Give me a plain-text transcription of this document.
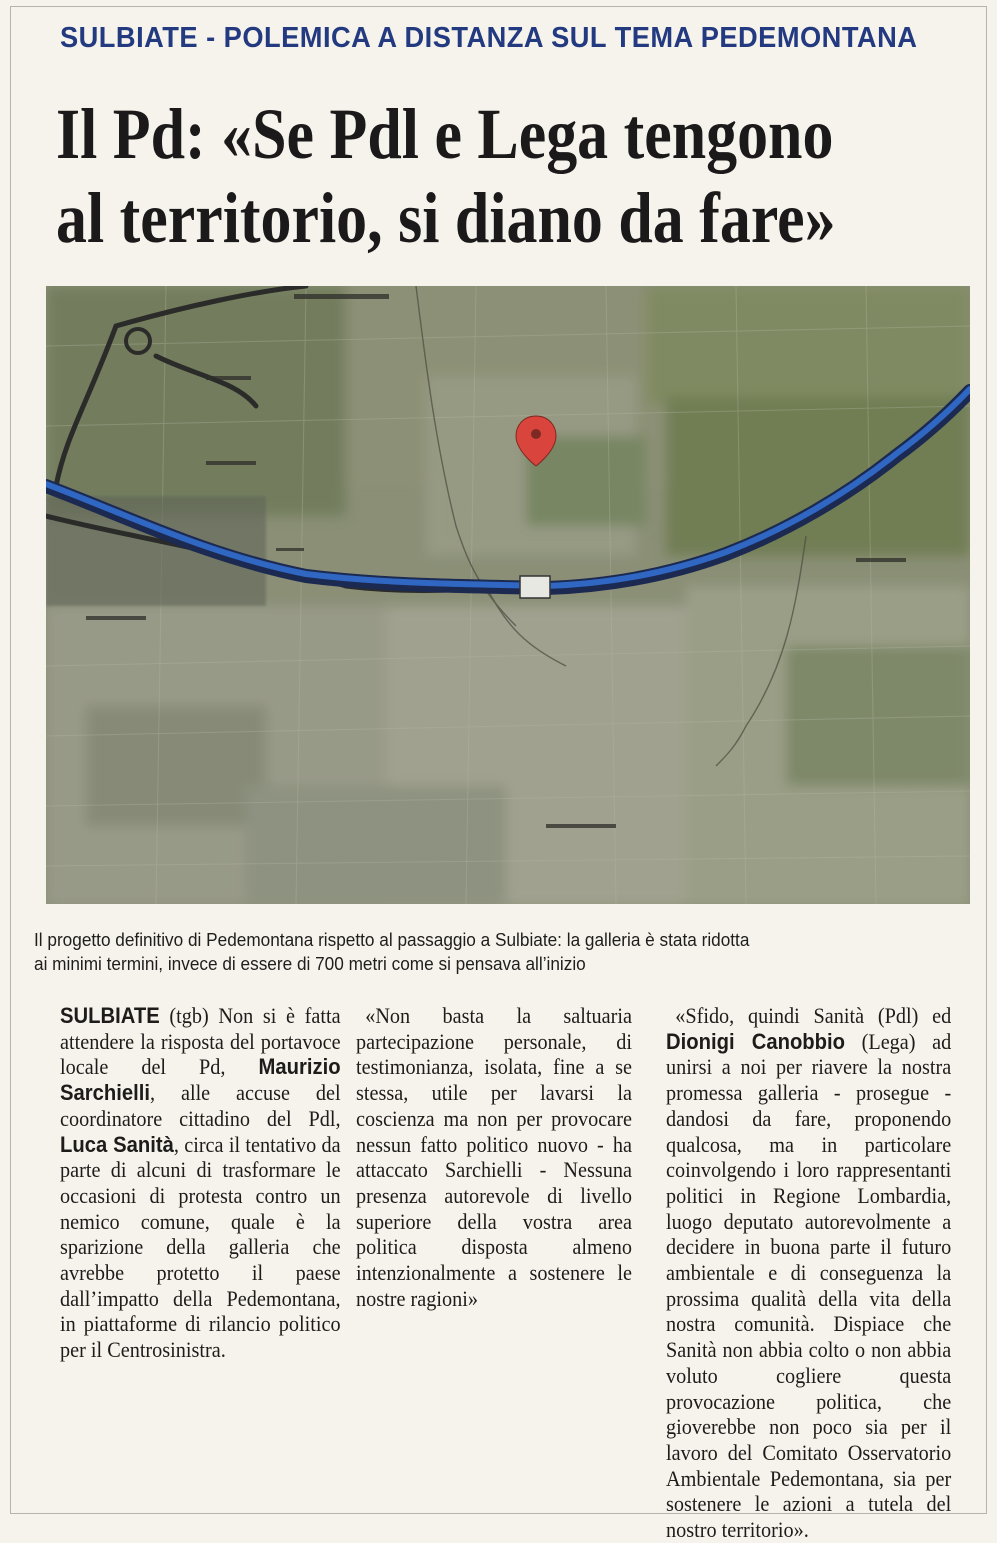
SULBIATE - POLEMICA A DISTANZA SUL TEMA PEDEMONTANA
Il Pd: «Se Pdl e Lega tengono
al territorio, si diano da fare»
Il progetto definitivo di Pedemontana rispetto al passaggio a Sulbiate: la galleria è stata ridotta
ai minimi termini, invece di essere di 700 metri come si pensava all’inizio

SULBIATE (tgb) Non si è fatta attendere la risposta del portavoce locale del Pd, Maurizio Sarchielli, alle accuse del coordinatore cittadino del Pdl, Luca Sanità, circa il tentativo da parte di alcuni di trasformare le occasioni di protesta contro un nemico comune, quale è la sparizione della galleria che avrebbe protetto il paese dall’impatto della Pedemontana, in piattaforme di rilancio politico per il Centrosinistra.

«Non basta la saltuaria partecipazione personale, di testimonianza, isolata, fine a se stessa, utile per lavarsi la coscienza ma non per provocare nessun fatto politico nuovo - ha attaccato Sarchielli - Nessuna presenza autorevole di livello superiore della vostra area politica disposta almeno intenzionalmente a sostenere le nostre ragioni»

«Sfido, quindi Sanità (Pdl) ed Dionigi Canobbio (Lega) ad unirsi a noi per riavere la nostra promessa galleria - prosegue - dandosi da fare, proponendo qualcosa, ma in particolare coinvolgendo i loro rappresentanti politici in Regione Lombardia, luogo deputato autorevolmente a decidere in buona parte il futuro ambientale e di conseguenza la prossima qualità della vita della nostra comunità. Dispiace che Sanità non abbia colto o non abbia voluto cogliere questa provocazione politica, che gioverebbe non poco sia per il lavoro del Comitato Osservatorio Ambientale Pedemontana, sia per sostenere le azioni a tutela del nostro territorio».
